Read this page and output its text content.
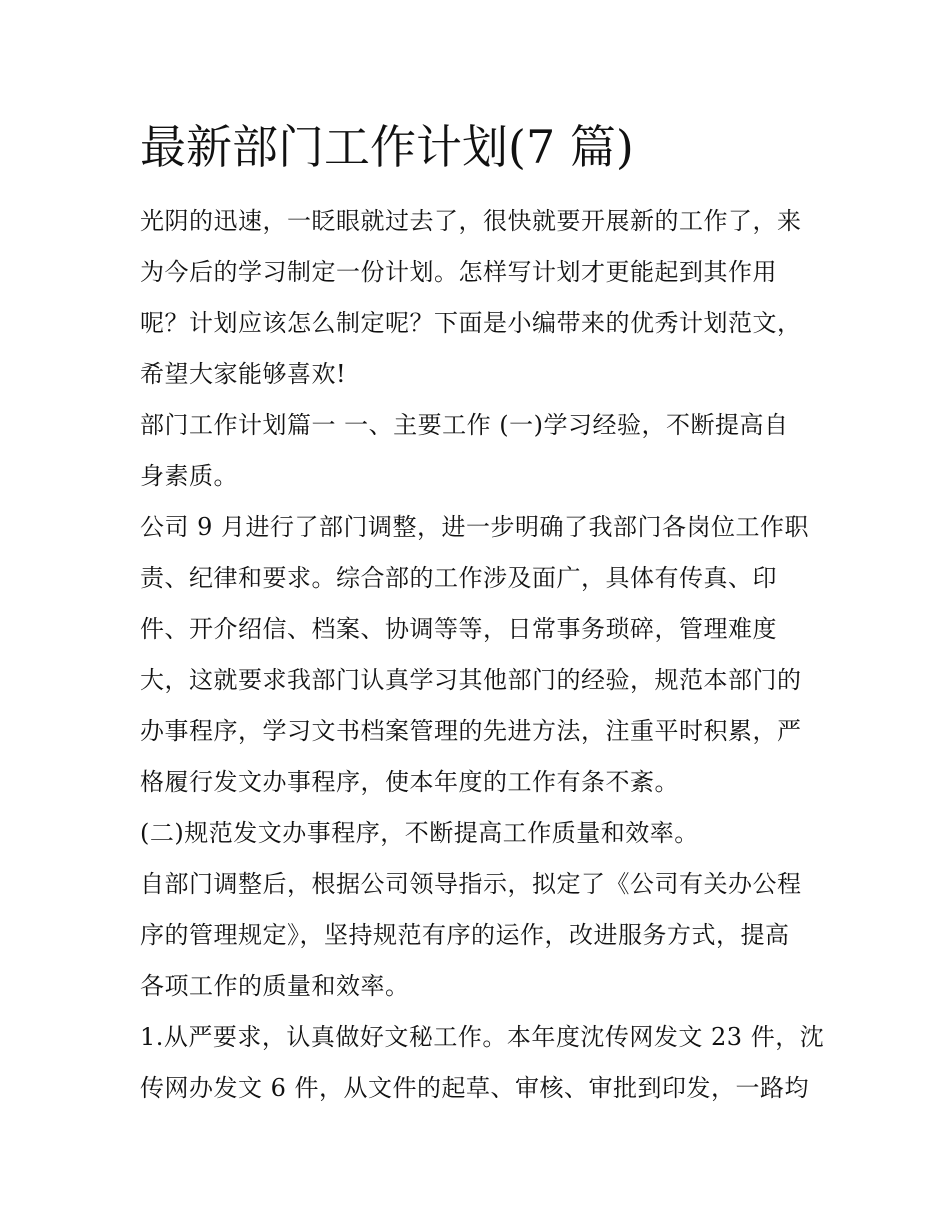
最新部门工作计划(7 篇)
光阴的迅速，一眨眼就过去了，很快就要开展新的工作了，来
为今后的学习制定一份计划。怎样写计划才更能起到其作用
呢？计划应该怎么制定呢？下面是小编带来的优秀计划范文，
希望大家能够喜欢!
部门工作计划篇一 一、主要工作 (一)学习经验，不断提高自
身素质。
公司 9 月进行了部门调整，进一步明确了我部门各岗位工作职
责、纪律和要求。综合部的工作涉及面广，具体有传真、印
件、开介绍信、档案、协调等等，日常事务琐碎，管理难度
大，这就要求我部门认真学习其他部门的经验，规范本部门的
办事程序，学习文书档案管理的先进方法，注重平时积累，严
格履行发文办事程序，使本年度的工作有条不紊。
(二)规范发文办事程序，不断提高工作质量和效率。
自部门调整后，根据公司领导指示，拟定了《公司有关办公程
序的管理规定》，坚持规范有序的运作，改进服务方式，提高
各项工作的质量和效率。
1.从严要求，认真做好文秘工作。本年度沈传网发文 23 件，沈
传网办发文 6 件，从文件的起草、审核、审批到印发，一路均
